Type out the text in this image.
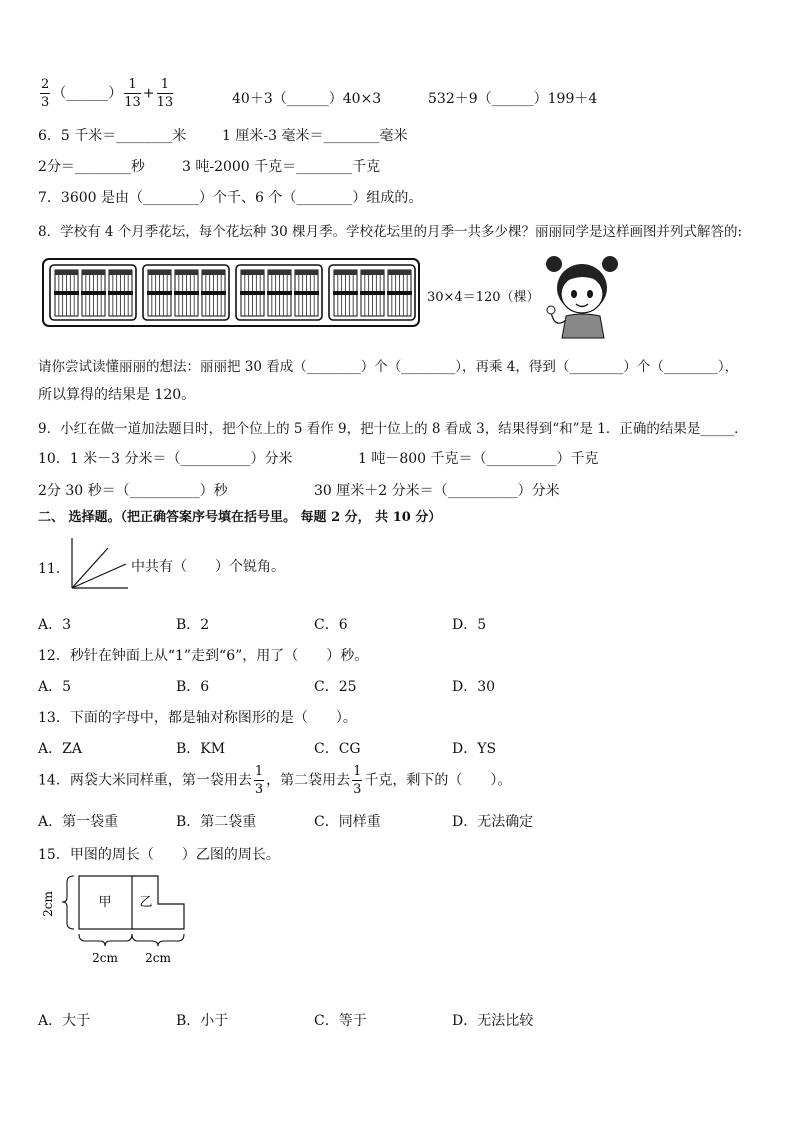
$\frac{2}{3}$ （______） $\frac{1}{13} + \frac{1}{13}$	40＋3（______）40×3	532＋9（______）199＋4
6．5 千米＝________米	1 厘米-3 毫米＝________毫米
2分＝________秒	3 吨-2000 千克＝________千克
7．3600 是由（________）个千、6 个（________）组成的。
8．学校有 4 个月季花坛，每个花坛种 30 棵月季。学校花坛里的月季一共多少棵？丽丽同学是这样画图并列式解答的:
30×4＝120（棵）
请你尝试读懂丽丽的想法：丽丽把 30 看成（________）个（________），再乘 4，得到（________）个（________），
所以算得的结果是 120。
9．小红在做一道加法题目时，把个位上的 5 看作 9，把十位上的 8 看成 3，结果得到“和”是 1．正确的结果是_____．
10．1 米－3 分米＝（__________）分米	1 吨－800 千克＝（__________）千克
2分 30 秒＝（__________）秒	30 厘米＋2 分米＝（__________）分米
二、 选择题。（把正确答案序号填在括号里。 每题 2 分， 共 10 分）
11．	中共有（　　）个锐角。
A．3	B．2	C．6	D．5
12．秒针在钟面上从“1”走到“6”，用了（　　）秒。
A．5	B．6	C．25	D．30
13．下面的字母中，都是轴对称图形的是（　　）。
A．ZA	B．KM	C．CG	D．YS
14．两袋大米同样重，第一袋用去 $\frac{1}{3}$ ，第二袋用去 $\frac{1}{3}$ 千克，剩下的（　　）。
A．第一袋重	B．第二袋重	C．同样重	D．无法确定
15．甲图的周长（　　）乙图的周长。
甲 乙
2cm
2cm 2cm
A．大于	B．小于	C．等于	D．无法比较
